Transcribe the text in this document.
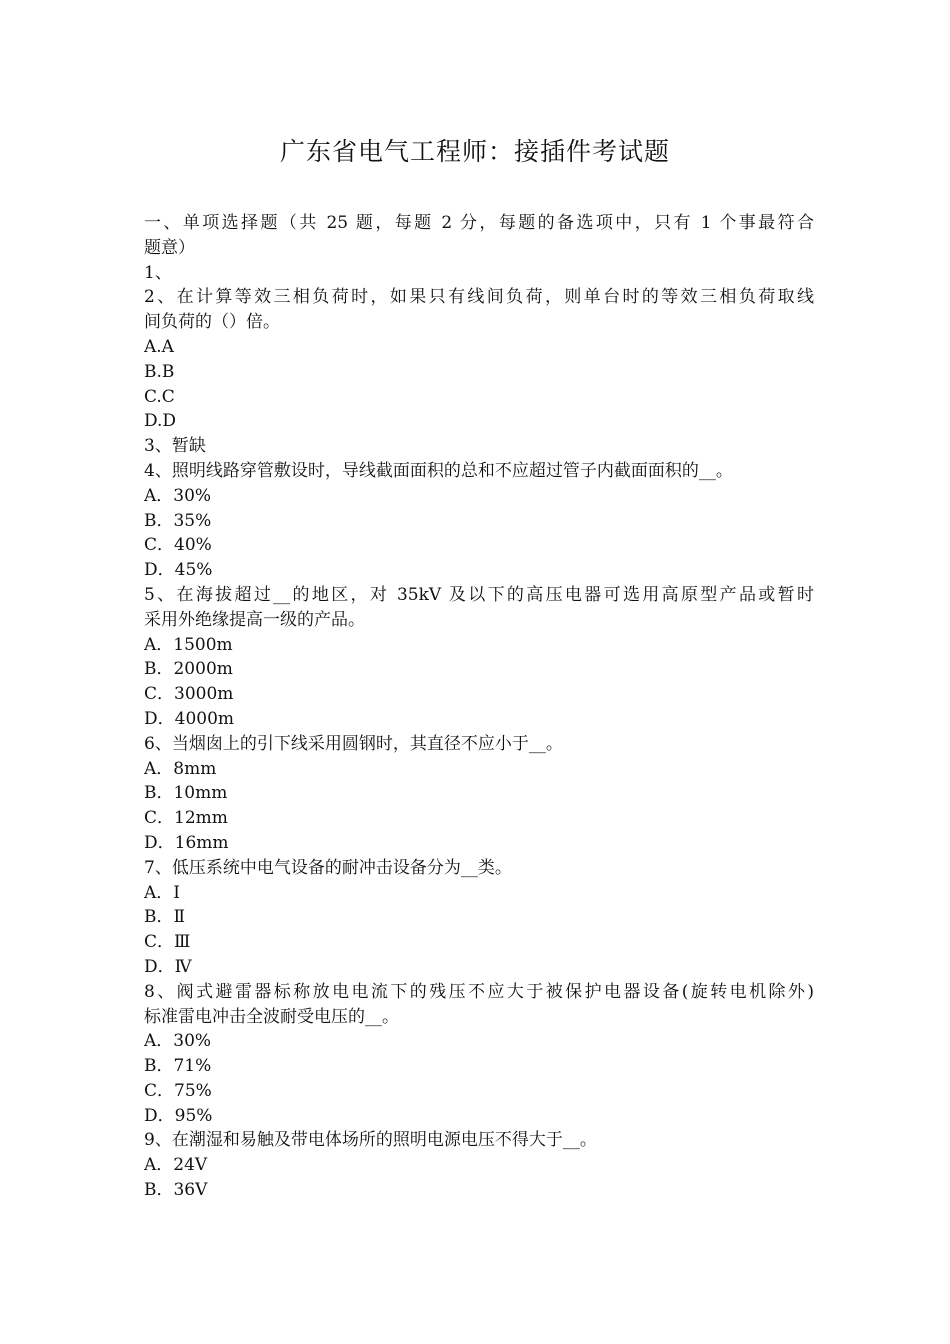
广东省电气工程师：接插件考试题

一、单项选择题（共 25 题，每题 2 分，每题的备选项中，只有 1 个事最符合

题意）

1、

2、在计算等效三相负荷时，如果只有线间负荷，则单台时的等效三相负荷取线

间负荷的（）倍。

A.A

B.B

C.C

D.D

3、暂缺

4、照明线路穿管敷设时，导线截面面积的总和不应超过管子内截面面积的__。

A．30%

B．35%

C．40%

D．45%

5、在海拔超过__的地区，对 35kV 及以下的高压电器可选用高原型产品或暂时

采用外绝缘提高一级的产品。

A．1500m

B．2000m

C．3000m

D．4000m

6、当烟囱上的引下线采用圆钢时，其直径不应小于__。

A．8mm

B．10mm

C．12mm

D．16mm

7、低压系统中电气设备的耐冲击设备分为__类。

A．Ⅰ

B．Ⅱ

C．Ⅲ

D．Ⅳ

8、阀式避雷器标称放电电流下的残压不应大于被保护电器设备(旋转电机除外)

标准雷电冲击全波耐受电压的__。

A．30%

B．71%

C．75%

D．95%

9、在潮湿和易触及带电体场所的照明电源电压不得大于__。

A．24V

B．36V
